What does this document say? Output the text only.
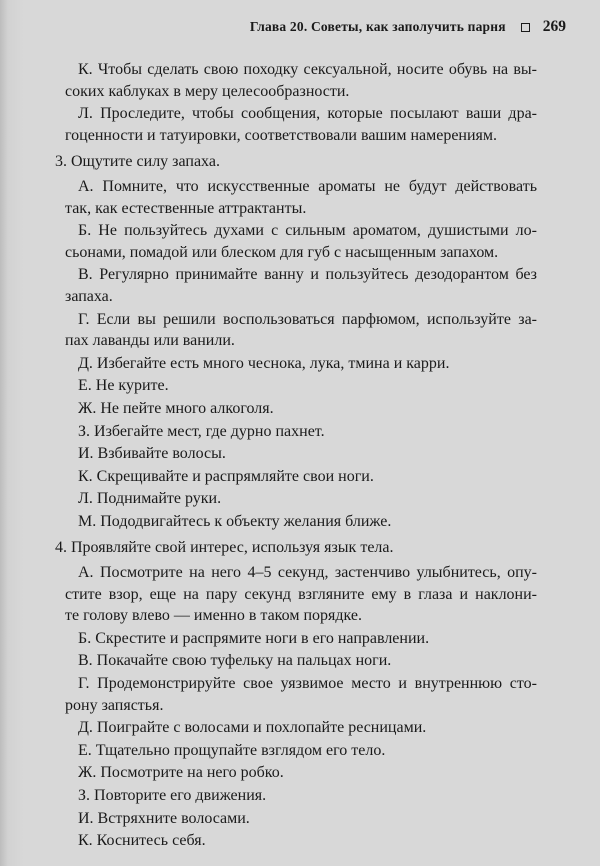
Глава 20. Советы, как заполучить парня 269

К. Чтобы сделать свою походку сексуальной, носите обувь на вы-
соких каблуках в меру целесообразности.

Л. Проследите, чтобы сообщения, которые посылают ваши дра-
гоценности и татуировки, соответствовали вашим намерениям.

3. Ощутите силу запаха.

А. Помните, что искусственные ароматы не будут действовать
так, как естественные аттрактанты.

Б. Не пользуйтесь духами с сильным ароматом, душистыми ло-
сьонами, помадой или блеском для губ с насыщенным запахом.

В. Регулярно принимайте ванну и пользуйтесь дезодорантом без
запаха.

Г. Если вы решили воспользоваться парфюмом, используйте за-
пах лаванды или ванили.

Д. Избегайте есть много чеснока, лука, тмина и карри.

Е. Не курите.

Ж. Не пейте много алкоголя.

З. Избегайте мест, где дурно пахнет.

И. Взбивайте волосы.

К. Скрещивайте и распрямляйте свои ноги.

Л. Поднимайте руки.

М. Пододвигайтесь к объекту желания ближе.

4. Проявляйте свой интерес, используя язык тела.

А. Посмотрите на него 4–5 секунд, застенчиво улыбнитесь, опу-
стите взор, еще на пару секунд взгляните ему в глаза и наклони-
те голову влево — именно в таком порядке.

Б. Скрестите и распрямите ноги в его направлении.

В. Покачайте свою туфельку на пальцах ноги.

Г. Продемонстрируйте свое уязвимое место и внутреннюю сто-
рону запястья.

Д. Поиграйте с волосами и похлопайте ресницами.

Е. Тщательно прощупайте взглядом его тело.

Ж. Посмотрите на него робко.

З. Повторите его движения.

И. Встряхните волосами.

К. Коснитесь себя.
